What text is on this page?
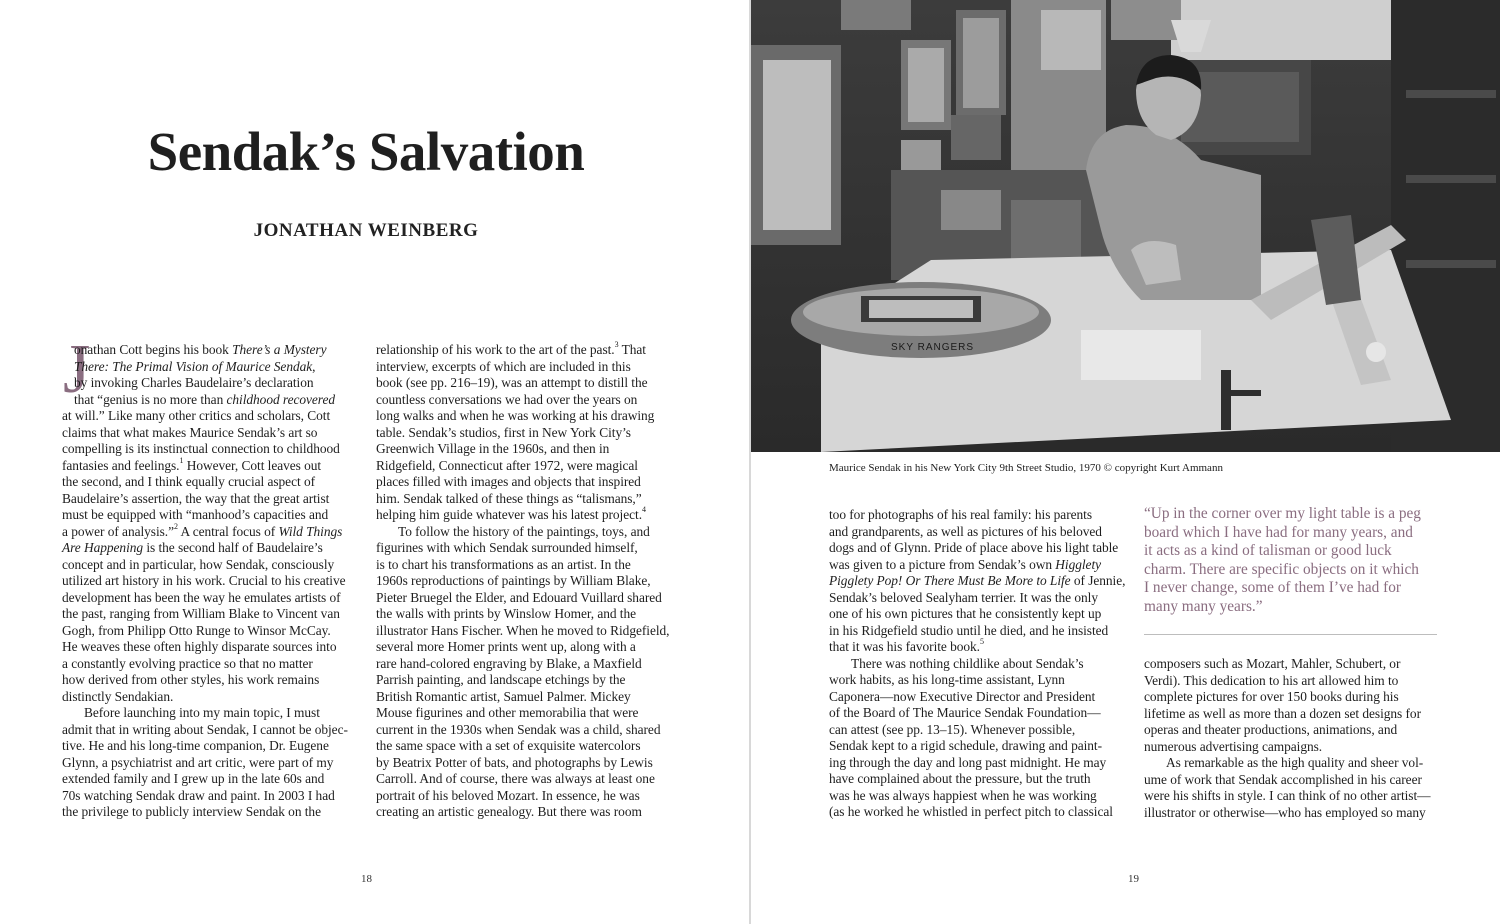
Sendak’s Salvation
JONATHAN WEINBERG
J

onathan Cott begins his book There’s a Mystery

There: The Primal Vision of Maurice Sendak,

by invoking Charles Baudelaire’s declaration

that “genius is no more than childhood recovered

at will.” Like many other critics and scholars, Cott

claims that what makes Maurice Sendak’s art so

compelling is its instinctual connection to childhood

fantasies and feelings.$^1$ However, Cott leaves out

the second, and I think equally crucial aspect of

Baudelaire’s assertion, the way that the great artist

must be equipped with “manhood’s capacities and

a power of analysis.”$^2$ A central focus of Wild Things

Are Happening is the second half of Baudelaire’s

concept and in particular, how Sendak, consciously

utilized art history in his work. Crucial to his creative

development has been the way he emulates artists of

the past, ranging from William Blake to Vincent van

Gogh, from Philipp Otto Runge to Winsor McCay.

He weaves these often highly disparate sources into

a constantly evolving practice so that no matter

how derived from other styles, his work remains

distinctly Sendakian.

Before launching into my main topic, I must

admit that in writing about Sendak, I cannot be objec-

tive. He and his long-time companion, Dr. Eugene

Glynn, a psychiatrist and art critic, were part of my

extended family and I grew up in the late 60s and

70s watching Sendak draw and paint. In 2003 I had

the privilege to publicly interview Sendak on the

relationship of his work to the art of the past.$^3$ That

interview, excerpts of which are included in this

book (see pp. 216–19), was an attempt to distill the

countless conversations we had over the years on

long walks and when he was working at his drawing

table. Sendak’s studios, first in New York City’s

Greenwich Village in the 1960s, and then in

Ridgefield, Connecticut after 1972, were magical

places filled with images and objects that inspired

him. Sendak talked of these things as “talismans,”

helping him guide whatever was his latest project.$^4$

To follow the history of the paintings, toys, and

figurines with which Sendak surrounded himself,

is to chart his transformations as an artist. In the

1960s reproductions of paintings by William Blake,

Pieter Bruegel the Elder, and Edouard Vuillard shared

the walls with prints by Winslow Homer, and the

illustrator Hans Fischer. When he moved to Ridgefield,

several more Homer prints went up, along with a

rare hand-colored engraving by Blake, a Maxfield

Parrish painting, and landscape etchings by the

British Romantic artist, Samuel Palmer. Mickey

Mouse figurines and other memorabilia that were

current in the 1930s when Sendak was a child, shared

the same space with a set of exquisite watercolors

by Beatrix Potter of bats, and photographs by Lewis

Carroll. And of course, there was always at least one

portrait of his beloved Mozart. In essence, he was

creating an artistic genealogy. But there was room

18
SKY RANGERS
Maurice Sendak in his New York City 9th Street Studio, 1970 © copyright Kurt Ammann

too for photographs of his real family: his parents

and grandparents, as well as pictures of his beloved

dogs and of Glynn. Pride of place above his light table

was given to a picture from Sendak’s own Higglety

Pigglety Pop! Or There Must Be More to Life of Jennie,

Sendak’s beloved Sealyham terrier. It was the only

one of his own pictures that he consistently kept up

in his Ridgefield studio until he died, and he insisted

that it was his favorite book.$^5$

There was nothing childlike about Sendak’s

work habits, as his long-time assistant, Lynn

Caponera—now Executive Director and President

of the Board of The Maurice Sendak Foundation—

can attest (see pp. 13–15). Whenever possible,

Sendak kept to a rigid schedule, drawing and paint-

ing through the day and long past midnight. He may

have complained about the pressure, but the truth

was he was always happiest when he was working

(as he worked he whistled in perfect pitch to classical

“Up in the corner over my light table is a peg

board which I have had for many years, and

it acts as a kind of talisman or good luck

charm. There are specific objects on it which

I never change, some of them I’ve had for

many many years.”

composers such as Mozart, Mahler, Schubert, or

Verdi). This dedication to his art allowed him to

complete pictures for over 150 books during his

lifetime as well as more than a dozen set designs for

operas and theater productions, animations, and

numerous advertising campaigns.

As remarkable as the high quality and sheer vol-

ume of work that Sendak accomplished in his career

were his shifts in style. I can think of no other artist—

illustrator or otherwise—who has employed so many

19
